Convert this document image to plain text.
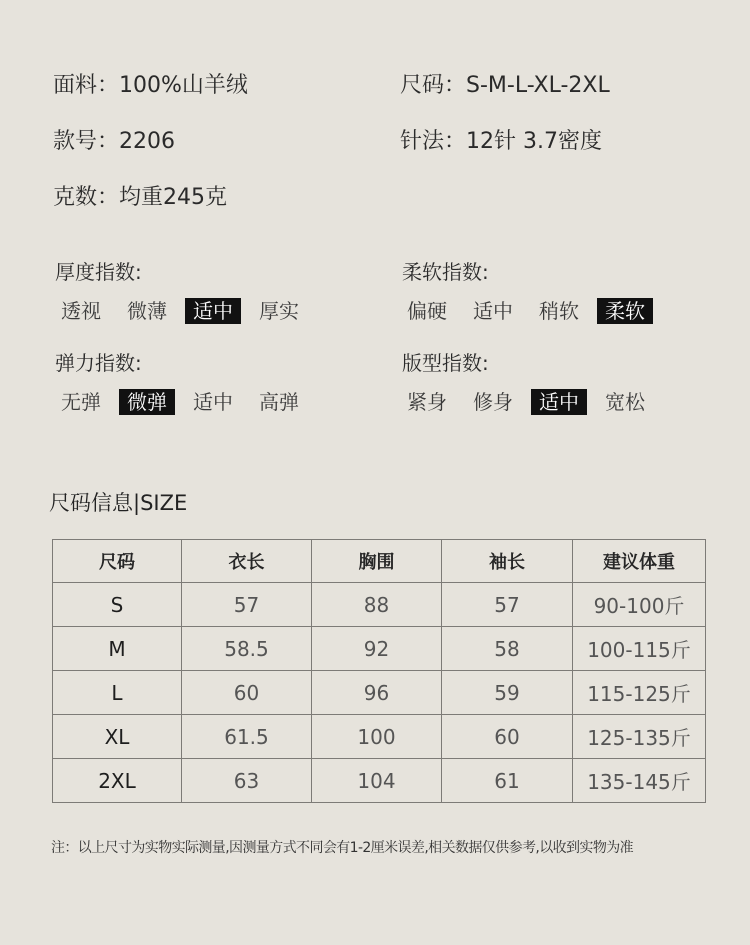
面料：100%山羊绒	尺码：S-M-L-XL-2XL
款号：2206	针法：12针 3.7密度
克数：均重245克
厚度指数:
透视	微薄	适中	厚实
柔软指数:
偏硬	适中	稍软	柔软
弹力指数:
无弹	微弹	适中	高弹
版型指数:
紧身	修身	适中	宽松
尺码信息|SIZE
尺码	衣长	胸围	袖长	建议体重
S	57	88	57	90-100斤
M	58.5	92	58	100-115斤
L	60	96	59	115-125斤
XL	61.5	100	60	125-135斤
2XL	63	104	61	135-145斤
注：以上尺寸为实物实际测量,因测量方式不同会有1-2厘米误差,相关数据仅供参考,以收到实物为准
